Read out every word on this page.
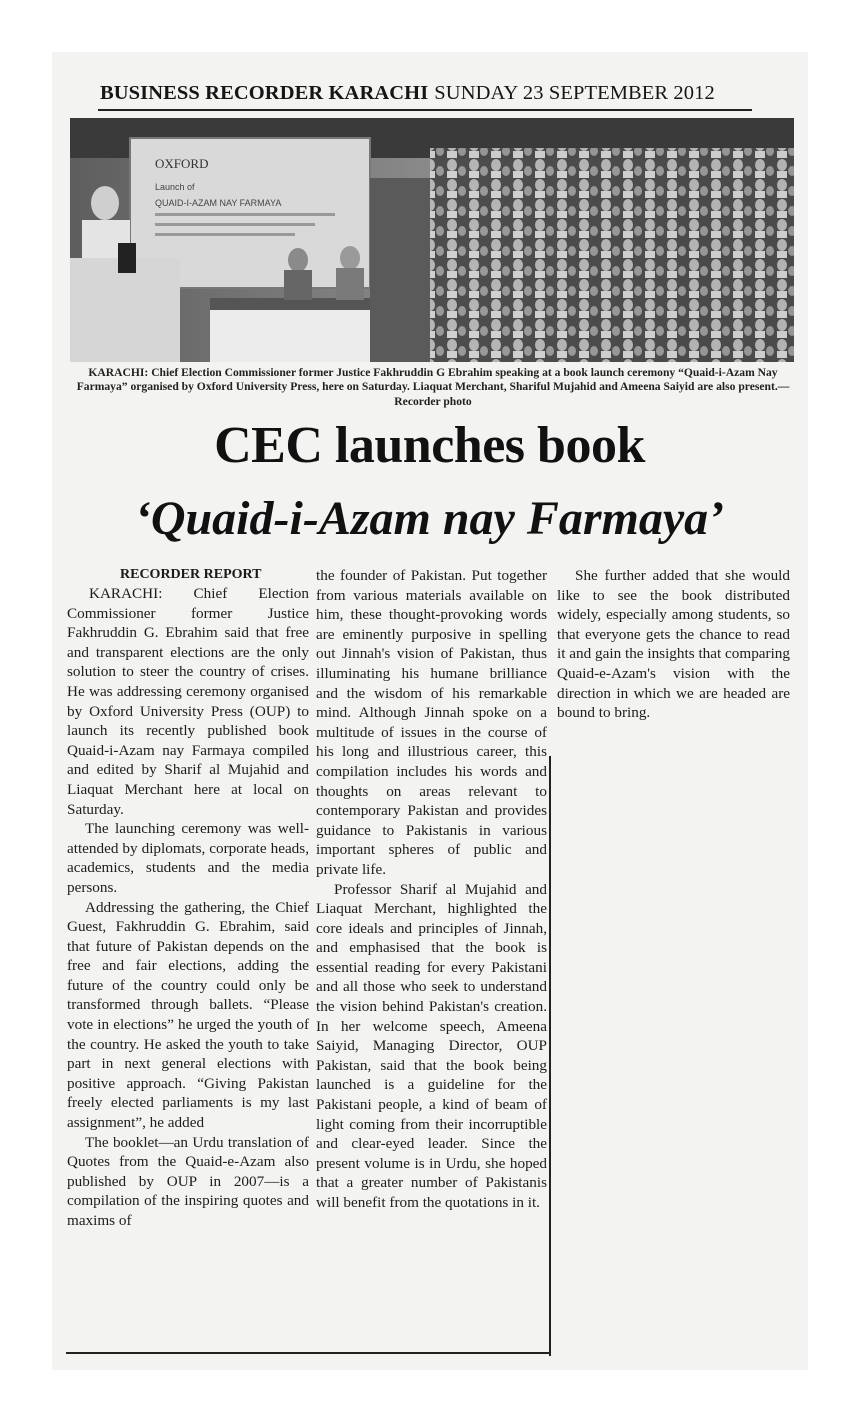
BUSINESS RECORDER KARACHI SUNDAY 23 SEPTEMBER 2012
OXFORD
Launch of
QUAID-I-AZAM NAY FARMAYA
KARACHI: Chief Election Commissioner former Justice Fakhruddin G Ebrahim speaking at a book launch ceremony “Quaid-i-Azam Nay Farmaya” organised by Oxford University Press, here on Saturday. Liaquat Merchant, Shariful Mujahid and Ameena Saiyid are also present.—Recorder photo
CEC launches book
‘Quaid-i-Azam nay Farmaya’
RECORDER REPORT

KARACHI: Chief Election Commissioner former Justice Fakhruddin G. Ebrahim said that free and transparent elections are the only solution to steer the country of crises. He was addressing ceremony organised by Oxford University Press (OUP) to launch its recently published book Quaid-i-Azam nay Farmaya compiled and edited by Sharif al Mujahid and Liaquat Merchant here at local on Saturday.

The launching ceremony was well-attended by diplomats, corporate heads, academics, students and the media persons.

Addressing the gathering, the Chief Guest, Fakhruddin G. Ebrahim, said that future of Pakistan depends on the free and fair elections, adding the future of the country could only be transformed through ballets. “Please vote in elections” he urged the youth of the country. He asked the youth to take part in next general elections with positive approach. “Giving Pakistan freely elected parliaments is my last assignment”, he added

The booklet—an Urdu translation of Quotes from the Quaid-e-Azam also published by OUP in 2007—is a compilation of the inspiring quotes and maxims of

the founder of Pakistan. Put together from various materials available on him, these thought-provoking words are eminently purposive in spelling out Jinnah's vision of Pakistan, thus illuminating his humane brilliance and the wisdom of his remarkable mind. Although Jinnah spoke on a multitude of issues in the course of his long and illustrious career, this compilation includes his words and thoughts on areas relevant to contemporary Pakistan and provides guidance to Pakistanis in various important spheres of public and private life.

Professor Sharif al Mujahid and Liaquat Merchant, highlighted the core ideals and principles of Jinnah, and emphasised that the book is essential reading for every Pakistani and all those who seek to understand the vision behind Pakistan's creation. In her welcome speech, Ameena Saiyid, Managing Director, OUP Pakistan, said that the book being launched is a guideline for the Pakistani people, a kind of beam of light coming from their incorruptible and clear-eyed leader. Since the present volume is in Urdu, she hoped that a greater number of Pakistanis will benefit from the quotations in it.

She further added that she would like to see the book distributed widely, especially among students, so that everyone gets the chance to read it and gain the insights that comparing Quaid-e-Azam's vision with the direction in which we are headed are bound to bring.
